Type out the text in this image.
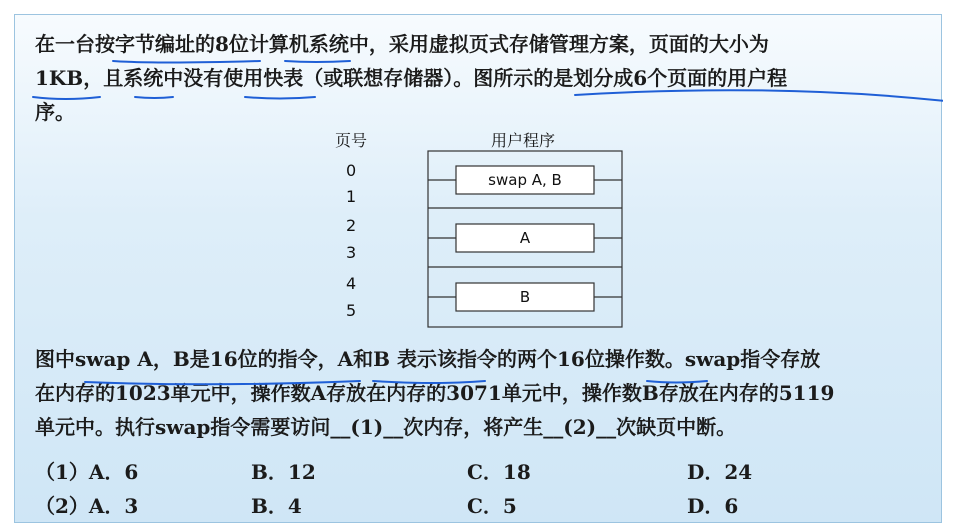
在一台按字节编址的8位计算机系统中，采用虚拟页式存储管理方案，页面的大小为
1KB，且系统中没有使用快表（或联想存储器）。图所示的是划分成6个页面的用户程
序。
页号	用户程序
0
1
2
3
4
5
swap A, B
A
B
图中swap A，B是16位的指令，A和B 表示该指令的两个16位操作数。swap指令存放
在内存的1023单元中，操作数A存放在内存的3071单元中，操作数B存放在内存的5119
单元中。执行swap指令需要访问__(1)__次内存，将产生__(2)__次缺页中断。
（1）A．6	B．12	C．18	D．24
（2）A．3	B．4	C．5	D．6
